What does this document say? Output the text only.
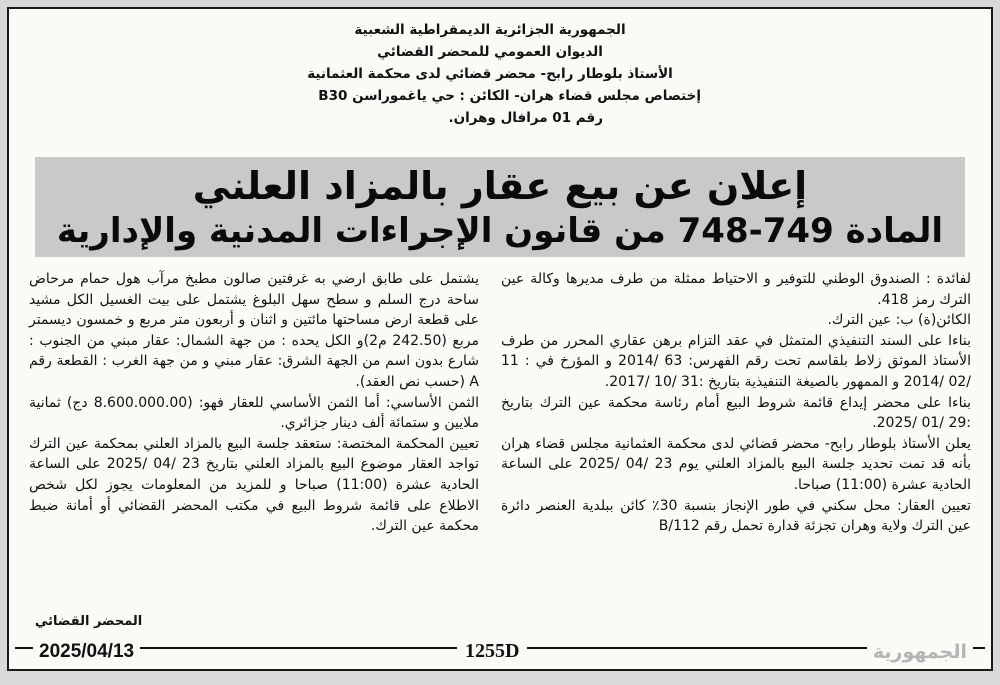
الجمهورية الجزائرية الديمقراطية الشعبية
الديوان العمومي للمحضر القضائي
الأستاذ بلوطار رابح- محضر قضائي لدى محكمة العثمانية
إختصاص مجلس قضاء هران- الكائن : حي ياغموراسن B30
رقم 01 مرافال وهران.
إعلان عن بيع عقار بالمزاد العلني
المادة 749-748 من قانون الإجراءات المدنية والإدارية

لفائدة : الصندوق الوطني للتوفير و الاحتياط ممثلة من طرف مديرها وكالة عين الترك رمز 418.

الكائن(ة) ب: عين الترك.

بناءا على السند التنفيذي المتمثل في عقد التزام برهن عقاري المحرر من طرف الأستاذ الموثق زلاط بلقاسم تحت رقم الفهرس: 63 /2014 و المؤرخ في : 11 /02 /2014 و الممهور بالصيغة التنفيذية بتاريخ :31 /10 /2017.

بناءا على محضر إيداع قائمة شروط البيع أمام رئاسة محكمة عين الترك بتاريخ :29 /01 /2025.

يعلن الأستاذ بلوطار رابح- محضر قضائي لدى محكمة العثمانية مجلس قضاء هران بأنه قد تمت تحديد جلسة البيع بالمزاد العلني يوم 23 /04 /2025 على الساعة الحادية عشرة (11:00) صباحا.

تعيين العقار: محل سكني في طور الإنجاز بنسبة 30٪ كائن ببلدية العنصر دائرة عين الترك ولاية وهران تجزئة قدارة تحمل رقم B/112

يشتمل على طابق ارضي به غرفتين صالون مطبخ مرآب هول حمام مرحاض ساحة درج السلم و سطح سهل البلوغ يشتمل على بيت الغسيل الكل مشيد على قطعة ارض مساحتها مائتين و اثنان و أربعون متر مربع و خمسون ديسمتر مربع (242.50 م2)و الكل يحده : من جهة الشمال: عقار مبني من الجنوب : شارع بدون اسم من الجهة الشرق: عقار مبني و من جهة الغرب : القطعة رقم A (حسب نص العقد).

الثمن الأساسي: أما الثمن الأساسي للعقار فهو: (8.600.000.00 دج) ثمانية ملايين و ستمائة ألف دينار جزائري.

تعيين المحكمة المختصة: ستعقد جلسة البيع بالمزاد العلني بمحكمة عين الترك تواجد العقار موضوع البيع بالمزاد العلني بتاريخ 23 /04 /2025 على الساعة الحادية عشرة (11:00) صباحا و للمزيد من المعلومات يجوز لكل شخص الاطلاع على قائمة شروط البيع في مكتب المحضر القضائي أو أمانة ضبط محكمة عين الترك.

المحضر القضائي
2025/04/13	1255D	الجمهورية
